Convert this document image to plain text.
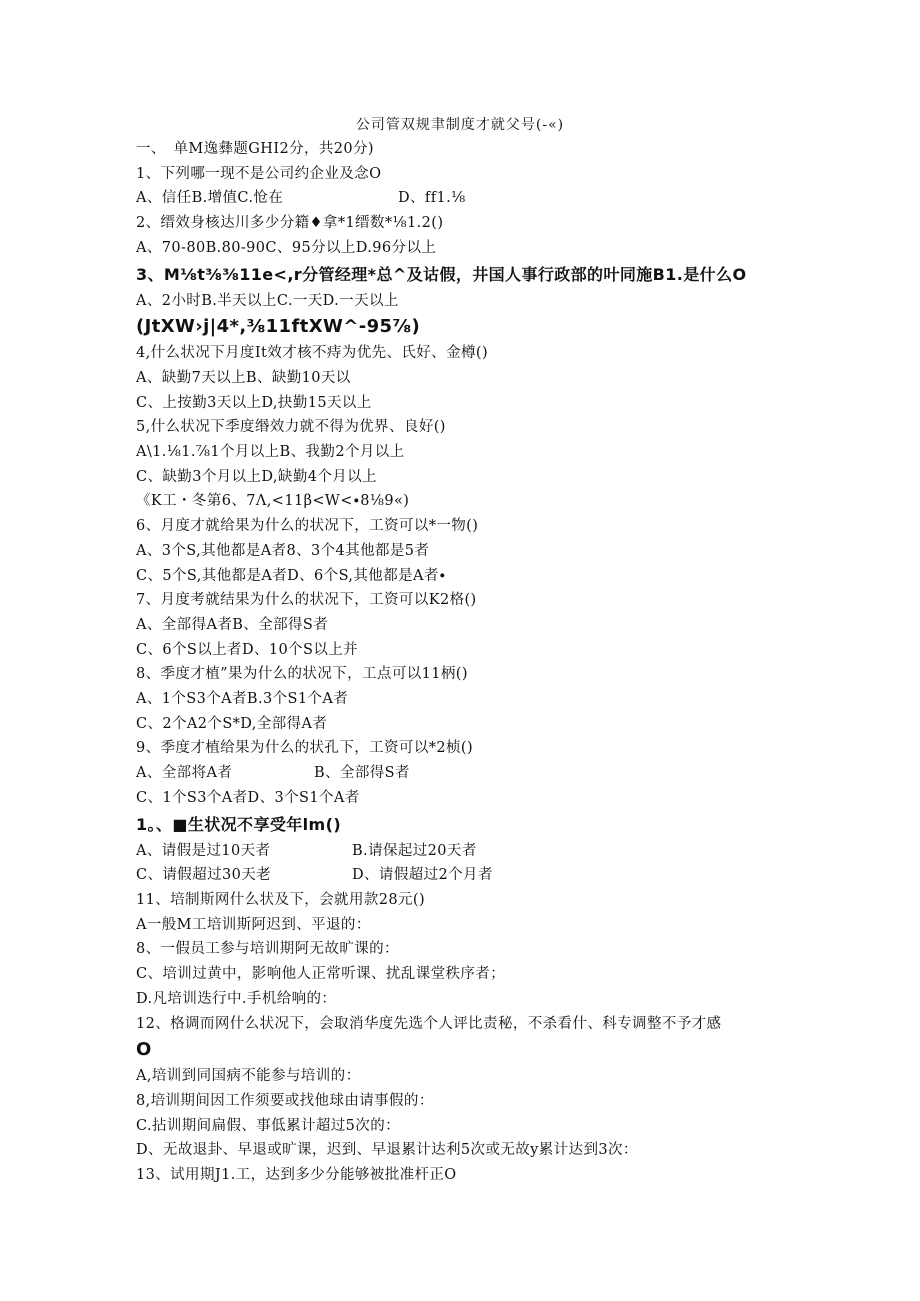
公司管双规聿制度才就父号(-«)
一、　单M逸彝题GHI2分，共20分)
1、下列哪一现不是公司约企业及念O
A、信任B.增值C.怆在	D、ff1.⅛
2、缙效身核达川多少分籍♦拿*1缙数*⅛1.2()
A、70-80B.80-90C、95分以上D.96分以上
3、M⅛t⅜⅜11e<,r分管经理*总^及诂假，井国人事行政部的叶同施B1.是什么O
A、2小时B.半天以上C.一天D.一天以上
(JtXW›j|4*,⅜11ftXW^-95⅞)
4,什么状况下月度It效才核不痔为优先、氏好、金樽()
A、缺勤7天以上B、缺勤10天以
C、上按勤3天以上D,抉勤15天以上
5,什么状况下季度缗效力就不得为优界、良好()
A\1.⅛1.⅞1个月以上B、我勤2个月以上
C、缺勤3个月以上D,缺勤4个月以上
《K工・冬第6、7Λ,<11β<W<∙8⅛9«)
6、月度才就给果为什么的状况下，工资可以*一物()
A、3个S,其他都是A者8、3个4其他都是5者
C、5个S,其他都是A者D、6个S,其他都是A者∙
7、月度考就结果为什么的状况下，工资可以K2格()
A、全部得A者B、全部得S者
C、6个S以上者D、10个S以上并
8、季度才植”果为什么的状况下，工点可以11柄()
A、1个S3个A者B.3个S1个A者
C、2个A2个S*D,全部得A者
9、季度才植给果为什么的状孔下，工资可以*2桢()
A、全部将A者	B、全部得S者
C、1个S3个A者D、3个S1个A者
1。、■生状况不享受年lm()
A、请假是过10天者	B.请保起过20天者
C、请假超过30天老	D、请假超过2个月者
11、培制斯网什么状及下，会就用款28元()
A一般M工培训斯阿迟到、平退的：
8、一假员工参与培训期阿无故旷课的：
C、培训过黄中，影响他人正常听课、扰乱课堂秩序者；
D.凡培训迭行中.手机给响的：
12、格调而网什么状况下，会取消华度先选个人评比责秘，不杀看什、科专调整不予才感
O
A,培训到同国病不能参与培训的：
8,培训期间因工作须要或找他球由请事假的：
C.拈训期间扁假、事低累计超过5次的：
D、无故退卦、早退或旷课，迟到、早退累计达利5次或无故y累计达到3次：
13、试用期J1.工，达到多少分能够被批准杆正O
